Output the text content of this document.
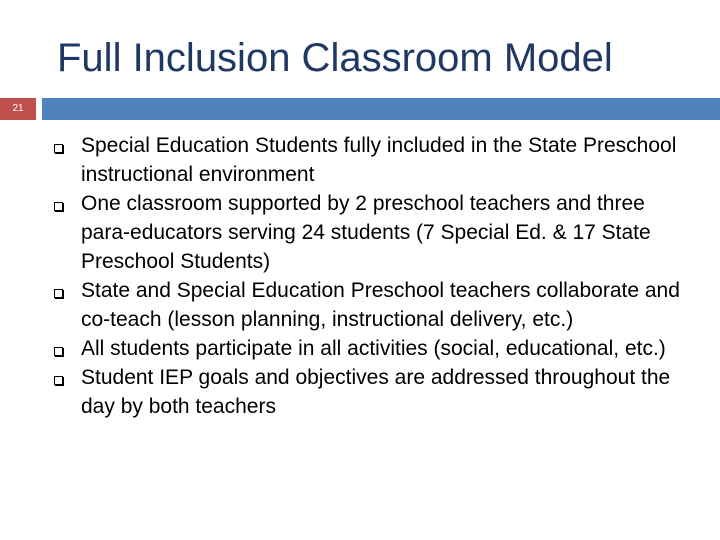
Full Inclusion Classroom Model
21
Special Education Students fully included in the State Preschool instructional environment
One classroom supported by 2 preschool teachers and three para-educators serving 24 students (7 Special Ed. & 17 State Preschool Students)
State and Special Education Preschool teachers collaborate and co-teach (lesson planning, instructional delivery, etc.)
All students participate in all activities (social, educational, etc.)
Student IEP goals and objectives are addressed throughout the day by both teachers
